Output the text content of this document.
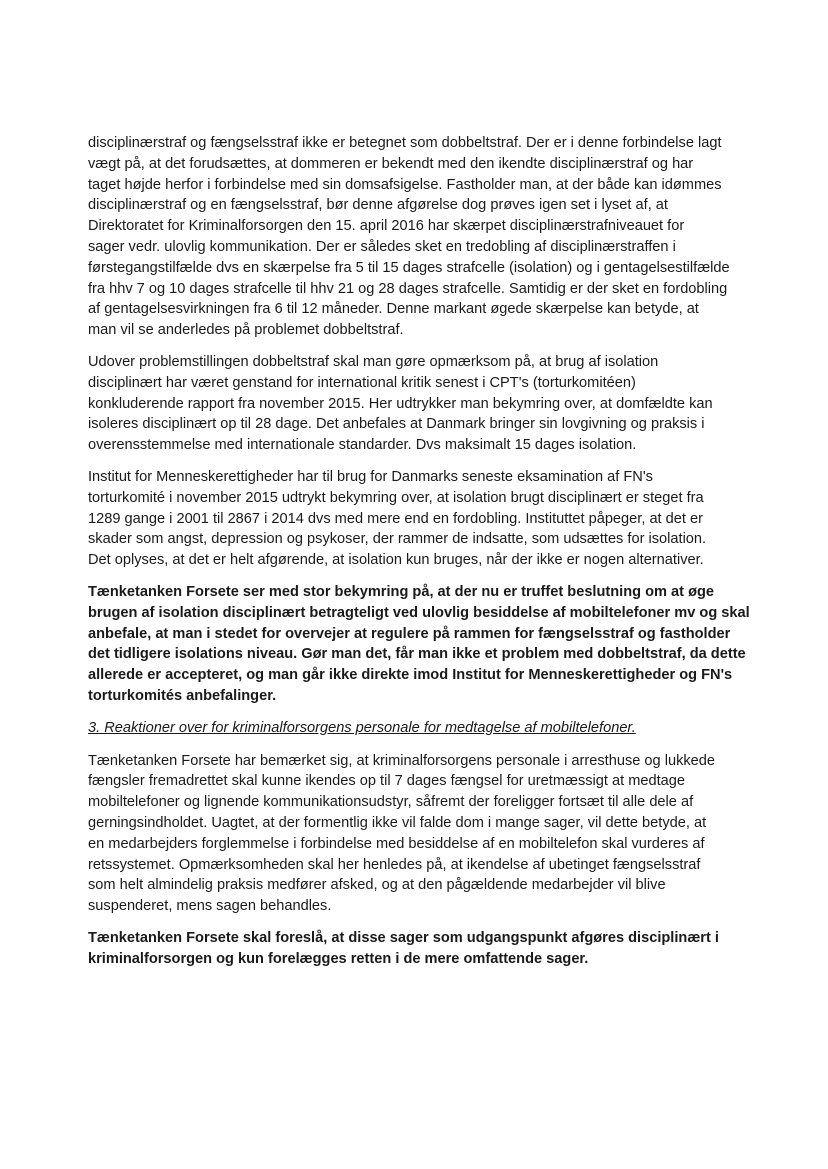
disciplinærstraf og fængselsstraf ikke er betegnet som dobbeltstraf. Der er i denne forbindelse lagt
vægt på, at det forudsættes, at dommeren er bekendt med den ikendte disciplinærstraf og har
taget højde herfor i forbindelse med sin domsafsigelse. Fastholder man, at der både kan idømmes
disciplinærstraf og en fængselsstraf, bør denne afgørelse dog prøves igen set i lyset af, at
Direktoratet for Kriminalforsorgen den 15. april 2016 har skærpet disciplinærstrafniveauet for
sager vedr. ulovlig kommunikation. Der er således sket en tredobling af disciplinærstraffen i
førstegangstilfælde dvs en skærpelse fra 5 til 15 dages strafcelle (isolation) og i gentagelsestilfælde
fra hhv 7 og 10 dages strafcelle til hhv 21 og 28 dages strafcelle. Samtidig er der sket en fordobling
af gentagelsesvirkningen fra 6 til 12 måneder. Denne markant øgede skærpelse kan betyde, at
man vil se anderledes på problemet dobbeltstraf.

Udover problemstillingen dobbeltstraf skal man gøre opmærksom på, at brug af isolation
disciplinært har været genstand for international kritik senest i CPT's (torturkomitéen)
konkluderende rapport fra november 2015. Her udtrykker man bekymring over, at domfældte kan
isoleres disciplinært op til 28 dage. Det anbefales at Danmark bringer sin lovgivning og praksis i
overensstemmelse med internationale standarder. Dvs maksimalt 15 dages isolation.

Institut for Menneskerettigheder har til brug for Danmarks seneste eksamination af FN's
torturkomité i november 2015 udtrykt bekymring over, at isolation brugt disciplinært er steget fra
1289 gange i 2001 til 2867 i 2014 dvs med mere end en fordobling. Instituttet påpeger, at det er
skader som angst, depression og psykoser, der rammer de indsatte, som udsættes for isolation.
Det oplyses, at det er helt afgørende, at isolation kun bruges, når der ikke er nogen alternativer.

Tænketanken Forsete ser med stor bekymring på, at der nu er truffet beslutning om at øge
brugen af isolation disciplinært betragteligt ved ulovlig besiddelse af mobiltelefoner mv og skal
anbefale, at man i stedet for overvejer at regulere på rammen for fængselsstraf og fastholder
det tidligere isolations niveau. Gør man det, får man ikke et problem med dobbeltstraf, da dette
allerede er accepteret, og man går ikke direkte imod Institut for Menneskerettigheder og FN's
torturkomités anbefalinger.

3. Reaktioner over for kriminalforsorgens personale for medtagelse af mobiltelefoner.

Tænketanken Forsete har bemærket sig, at kriminalforsorgens personale i arresthuse og lukkede
fængsler fremadrettet skal kunne ikendes op til 7 dages fængsel for uretmæssigt at medtage
mobiltelefoner og lignende kommunikationsudstyr, såfremt der foreligger fortsæt til alle dele af
gerningsindholdet. Uagtet, at der formentlig ikke vil falde dom i mange sager, vil dette betyde, at
en medarbejders forglemmelse i forbindelse med besiddelse af en mobiltelefon skal vurderes af
retssystemet. Opmærksomheden skal her henledes på, at ikendelse af ubetinget fængselsstraf
som helt almindelig praksis medfører afsked, og at den pågældende medarbejder vil blive
suspenderet, mens sagen behandles.

Tænketanken Forsete skal foreslå, at disse sager som udgangspunkt afgøres disciplinært i
kriminalforsorgen og kun forelægges retten i de mere omfattende sager.
